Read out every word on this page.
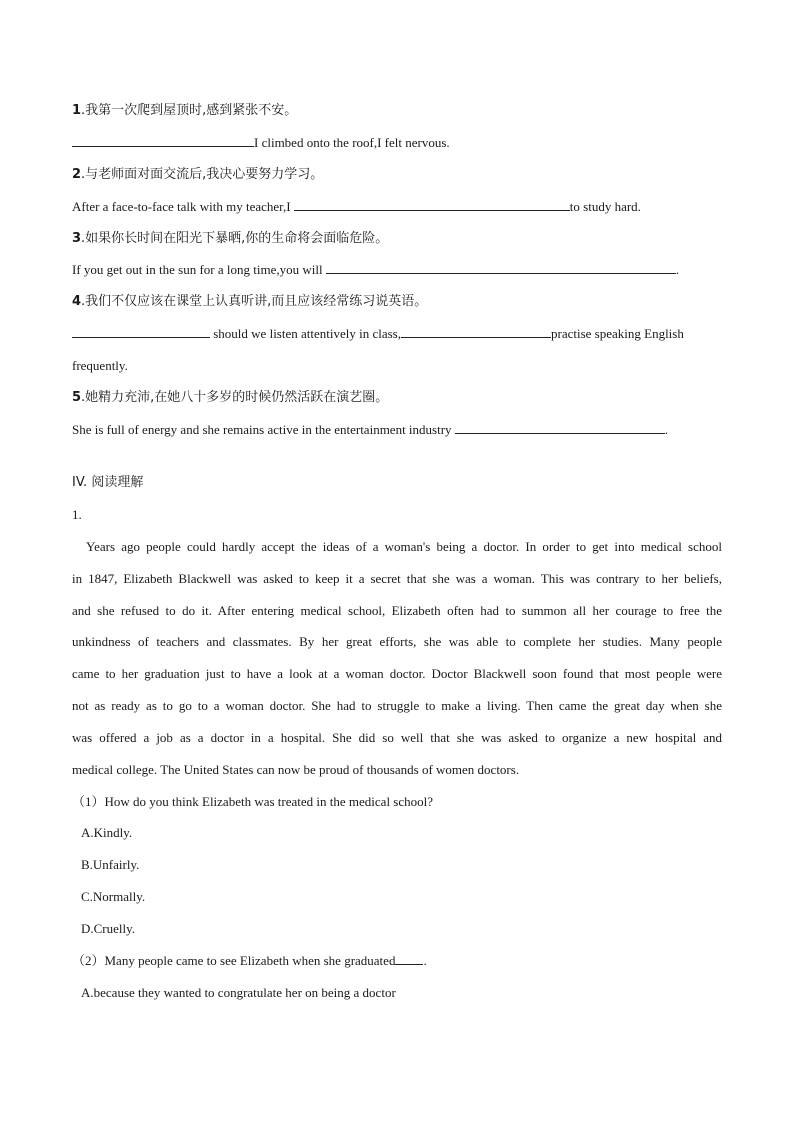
1.我第一次爬到屋顶时,感到紧张不安。
I climbed onto the roof,I felt nervous.
2.与老师面对面交流后,我决心要努力学习。
After a face-to-face talk with my teacher,I	to study hard.
3.如果你长时间在阳光下暴晒,你的生命将会面临危险。
If you get out in the sun for a long time,you will	.
4.我们不仅应该在课堂上认真听讲,而且应该经常练习说英语。
should we listen attentively in class,	practise speaking English
frequently.
5.她精力充沛,在她八十多岁的时候仍然活跃在演艺圈。
She is full of energy and she remains active in the entertainment industry	.
IV. 阅读理解
1.
Years ago people could hardly accept the ideas of a woman's being a doctor. In order to get into medical school
in 1847, Elizabeth Blackwell was asked to keep it a secret that she was a woman. This was contrary to her beliefs,
and she refused to do it. After entering medical school, Elizabeth often had to summon all her courage to free the
unkindness of teachers and classmates. By her great efforts, she was able to complete her studies. Many people
came to her graduation just to have a look at a woman doctor. Doctor Blackwell soon found that most people were
not as ready as to go to a woman doctor. She had to struggle to make a living. Then came the great day when she
was offered a job as a doctor in a hospital. She did so well that she was asked to organize a new hospital and
medical college. The United States can now be proud of thousands of women doctors.
（1）How do you think Elizabeth was treated in the medical school?
A.Kindly.
B.Unfairly.
C.Normally.
D.Cruelly.
（2）Many people came to see Elizabeth when she graduated .
A.because they wanted to congratulate her on being a doctor
